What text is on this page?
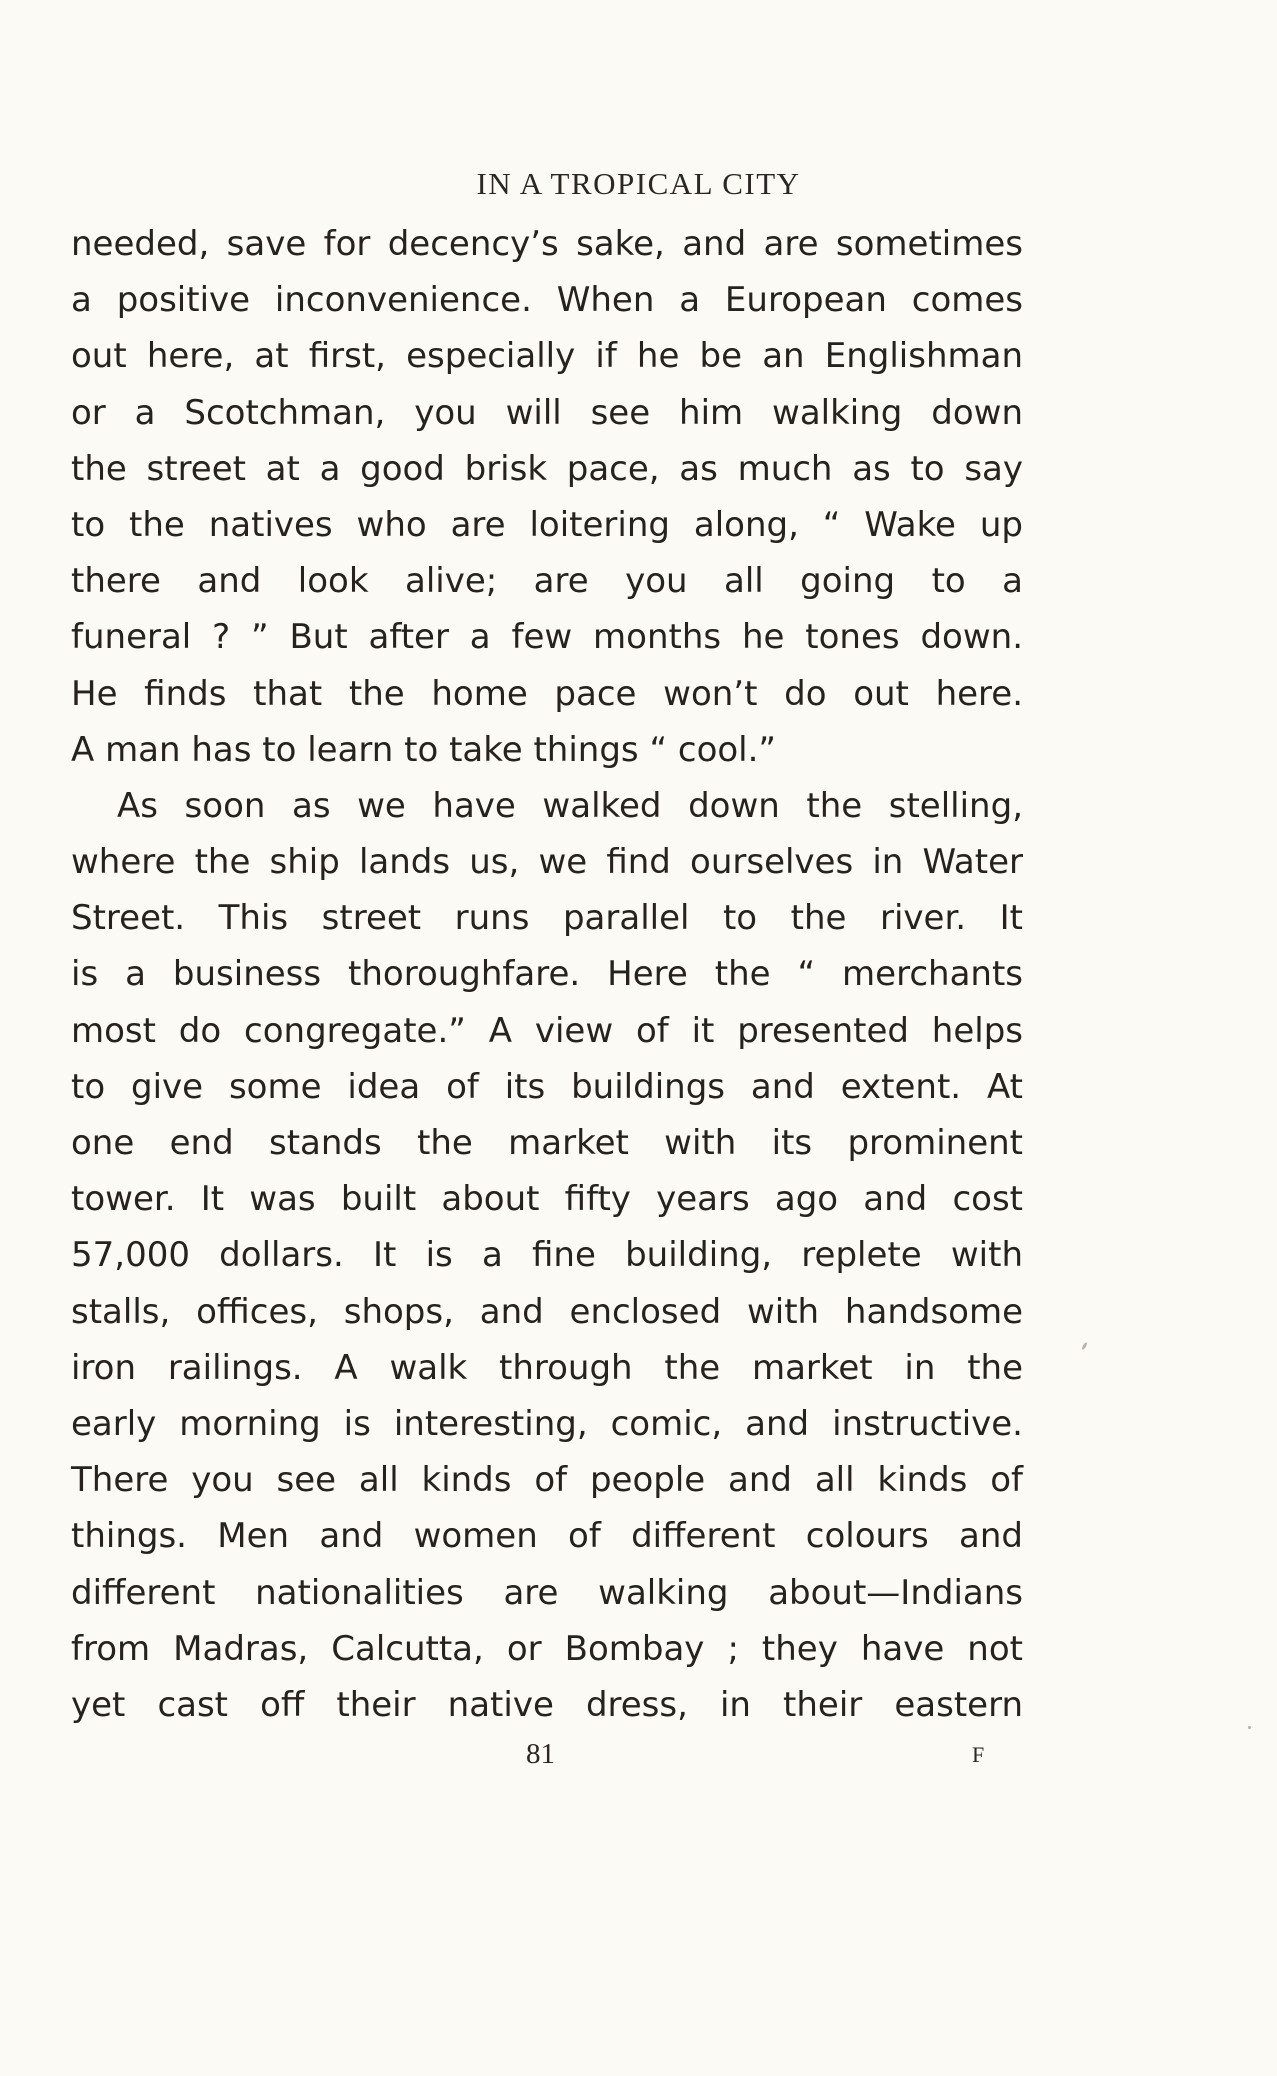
IN A TROPICAL CITY
needed, save for decency’s sake, and are sometimes
a positive inconvenience. When a European comes
out here, at first, especially if he be an Englishman
or a Scotchman, you will see him walking down
the street at a good brisk pace, as much as to say
to the natives who are loitering along, “ Wake up
there and look alive; are you all going to a
funeral ? ” But after a few months he tones down.
He finds that the home pace won’t do out here.
A man has to learn to take things “ cool.”
As soon as we have walked down the stelling,
where the ship lands us, we find ourselves in Water
Street. This street runs parallel to the river. It
is a business thoroughfare. Here the “ merchants
most do congregate.” A view of it presented helps
to give some idea of its buildings and extent. At
one end stands the market with its prominent
tower. It was built about fifty years ago and cost
57,000 dollars. It is a fine building, replete with
stalls, offices, shops, and enclosed with handsome
iron railings. A walk through the market in the
early morning is interesting, comic, and instructive.
There you see all kinds of people and all kinds of
things. Men and women of different colours and
different nationalities are walking about—Indians
from Madras, Calcutta, or Bombay ; they have not
yet cast off their native dress, in their eastern
81	F
